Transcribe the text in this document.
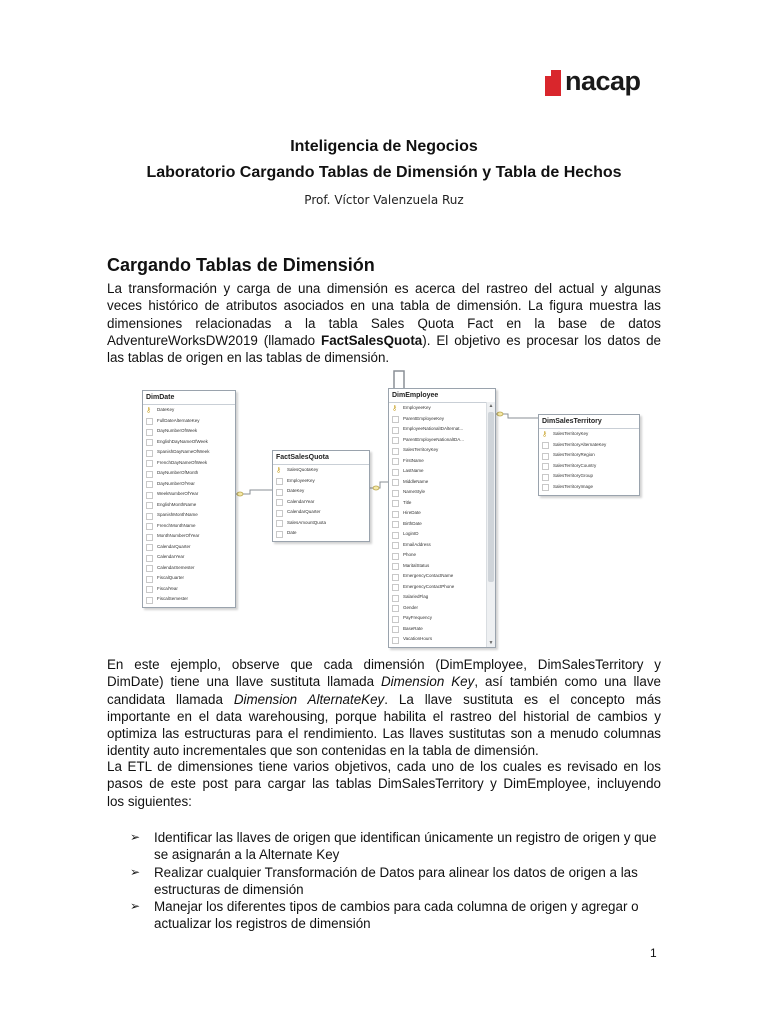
nacap
Inteligencia de Negocios
Laboratorio Cargando Tablas de Dimensión y Tabla de Hechos
Prof. Víctor Valenzuela Ruz
Cargando Tablas de Dimensión
La transformación y carga de una dimensión es acerca del rastreo del actual y algunas
veces histórico de atributos asociados en una tabla de dimensión. La figura muestra las
dimensiones relacionadas a la tabla Sales Quota Fact en la base de datos
AdventureWorksDW2019 (llamado FactSalesQuota). El objetivo es procesar los datos de
las tablas de origen en las tablas de dimensión.
DimDate
⚷ DateKey
FullDateAlternateKey
DayNumberOfWeek
EnglishDayNameOfWeek
SpanishDayNameOfWeek
FrenchDayNameOfWeek
DayNumberOfMonth
DayNumberOfYear
WeekNumberOfYear
EnglishMonthName
SpanishMonthName
FrenchMonthName
MonthNumberOfYear
CalendarQuarter
CalendarYear
CalendarSemester
FiscalQuarter
FiscalYear
FiscalSemester
FactSalesQuota
⚷ SalesQuotaKey
EmployeeKey
DateKey
CalendarYear
CalendarQuarter
SalesAmountQuota
Date
DimEmployee
⚷ EmployeeKey
ParentEmployeeKey
EmployeeNationalIDAlternat...
ParentEmployeeNationalIDA...
SalesTerritoryKey
FirstName
LastName
MiddleName
NameStyle
Title
HireDate
BirthDate
LoginID
EmailAddress
Phone
MaritalStatus
EmergencyContactName
EmergencyContactPhone
SalariedFlag
Gender
PayFrequency
BaseRate
VacationHours
▲
▼
DimSalesTerritory
⚷ SalesTerritoryKey
SalesTerritoryAlternateKey
SalesTerritoryRegion
SalesTerritoryCountry
SalesTerritoryGroup
SalesTerritoryImage
En este ejemplo, observe que cada dimensión (DimEmployee, DimSalesTerritory y
DimDate) tiene una llave sustituta llamada Dimension Key, así también como una llave
candidata llamada Dimension AlternateKey. La llave sustituta es el concepto más
importante en el data warehousing, porque habilita el rastreo del historial de cambios y
optimiza las estructuras para el rendimiento. Las llaves sustitutas son a menudo columnas
identity auto incrementales que son contenidas en la tabla de dimensión.
La ETL de dimensiones tiene varios objetivos, cada uno de los cuales es revisado en los
pasos de este post para cargar las tablas DimSalesTerritory y DimEmployee, incluyendo
los siguientes:
➢ Identificar las llaves de origen que identifican únicamente un registro de origen y que
se asignarán a la Alternate Key
➢ Realizar cualquier Transformación de Datos para alinear los datos de origen a las
estructuras de dimensión
➢ Manejar los diferentes tipos de cambios para cada columna de origen y agregar o
actualizar los registros de dimensión
1
